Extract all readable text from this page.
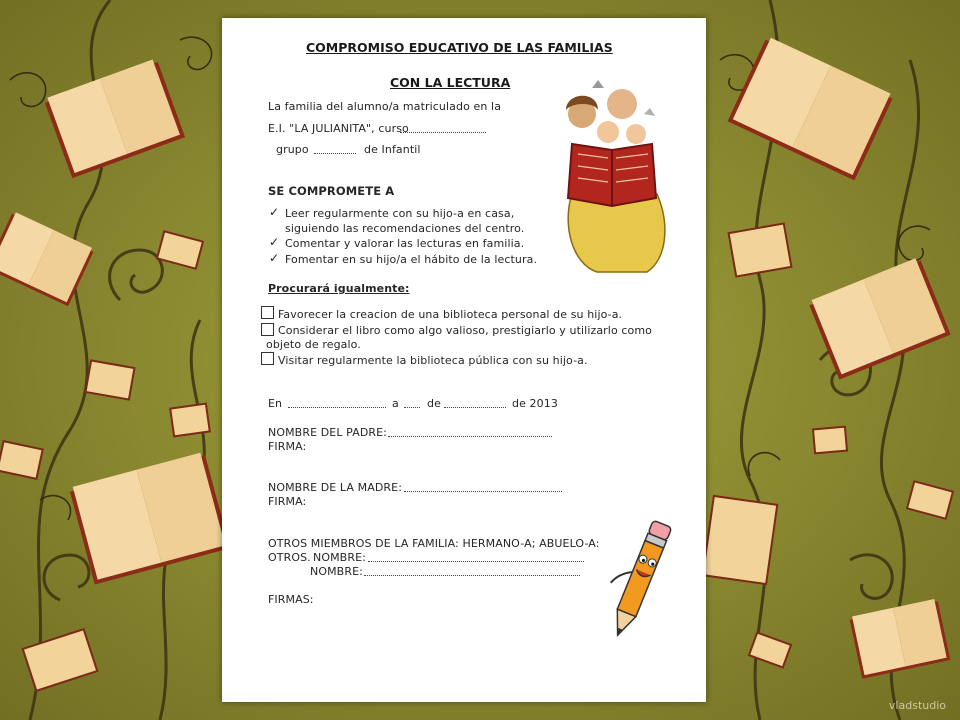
vladstudio
COMPROMISO EDUCATIVO DE LAS FAMILIAS
CON LA LECTURA
La familia del alumno/a matriculado en la
E.I. "LA JULIANITA", curso
grupo	de Infantil
SE COMPROMETE A
✓ Leer regularmente con su hijo-a en casa,
siguiendo las recomendaciones del centro.
✓ Comentar y valorar las lecturas en familia.
✓ Fomentar en su hijo/a el hábito de la lectura.
Procurará igualmente:
Favorecer la creacion de una biblioteca personal de su hijo-a.
Considerar el libro como algo valioso, prestigiarlo y utilizarlo como
objeto de regalo.
Visitar regularmente la biblioteca pública con su hijo-a.
En	a	de	de 2013
NOMBRE DEL PADRE:
FIRMA:
NOMBRE DE LA MADRE:
FIRMA:
OTROS MIEMBROS DE LA FAMILIA: HERMANO-A; ABUELO-A:
OTROS. NOMBRE:
NOMBRE:
FIRMAS:
